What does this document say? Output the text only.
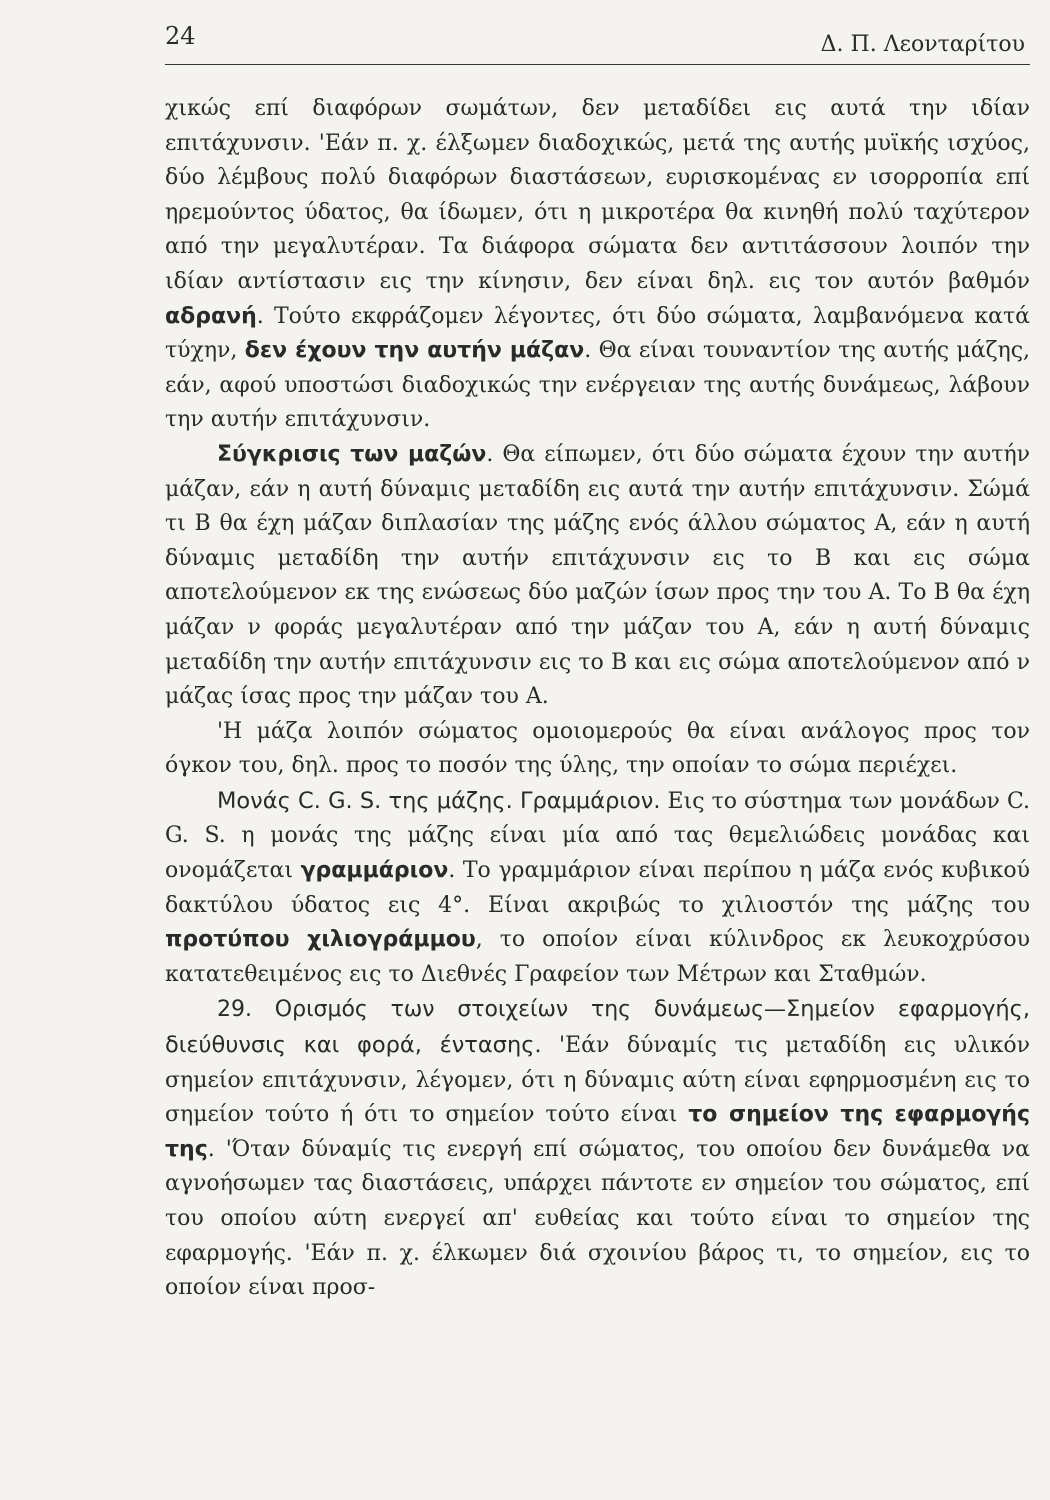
24	Δ. Π. Λεονταρίτου

χικώς επί διαφόρων σωμάτων, δεν μεταδίδει εις αυτά την ιδίαν επιτάχυνσιν. 'Εάν π. χ. έλξωμεν διαδοχικώς, μετά της αυτής μυϊκής ισχύος, δύο λέμβους πολύ διαφόρων διαστάσεων, ευρισκομένας εν ισορροπία επί ηρεμούντος ύδατος, θα ίδωμεν, ότι η μικροτέρα θα κινηθή πολύ ταχύτερον από την μεγαλυτέραν. Τα διάφορα σώματα δεν αντιτάσσουν λοιπόν την ιδίαν αντίστασιν εις την κίνησιν, δεν είναι δηλ. εις τον αυτόν βαθμόν αδρανή. Τούτο εκφράζομεν λέγοντες, ότι δύο σώματα, λαμβανόμενα κατά τύχην, δεν έχουν την αυτήν μάζαν. Θα είναι τουναντίον της αυτής μάζης, εάν, αφού υποστώσι διαδοχικώς την ενέργειαν της αυτής δυνάμεως, λάβουν την αυτήν επιτάχυνσιν.

Σύγκρισις των μαζών. Θα είπωμεν, ότι δύο σώματα έχουν την αυτήν μάζαν, εάν η αυτή δύναμις μεταδίδη εις αυτά την αυτήν επιτάχυνσιν. Σώμά τι Β θα έχη μάζαν διπλασίαν της μάζης ενός άλλου σώματος Α, εάν η αυτή δύναμις μεταδίδη την αυτήν επιτάχυνσιν εις το Β και εις σώμα αποτελούμενον εκ της ενώσεως δύο μαζών ίσων προς την του Α. Το Β θα έχη μάζαν ν φοράς μεγαλυτέραν από την μάζαν του Α, εάν η αυτή δύναμις μεταδίδη την αυτήν επιτάχυνσιν εις το Β και εις σώμα αποτελούμενον από ν μάζας ίσας προς την μάζαν του Α.

'Η μάζα λοιπόν σώματος ομοιομερούς θα είναι ανάλογος προς τον όγκον του, δηλ. προς το ποσόν της ύλης, την οποίαν το σώμα περιέχει.

Μονάς C. G. S. της μάζης. Γραμμάριον. Εις το σύστημα των μονάδων C. G. S. η μονάς της μάζης είναι μία από τας θεμελιώδεις μονάδας και ονομάζεται γραμμάριον. Το γραμμάριον είναι περίπου η μάζα ενός κυβικού δακτύλου ύδατος εις 4°. Είναι ακριβώς το χιλιοστόν της μάζης του προτύπου χιλιογράμμου, το οποίον είναι κύλινδρος εκ λευκοχρύσου κατατεθειμένος εις το Διεθνές Γραφείον των Μέτρων και Σταθμών.

29. Ορισμός των στοιχείων της δυνάμεως—Σημείον εφαρμογής, διεύθυνσις και φορά, έντασης. 'Εάν δύναμίς τις μεταδίδη εις υλικόν σημείον επιτάχυνσιν, λέγομεν, ότι η δύναμις αύτη είναι εφηρμοσμένη εις το σημείον τούτο ή ότι το σημείον τούτο είναι το σημείον της εφαρμογής της. 'Όταν δύναμίς τις ενεργή επί σώματος, του οποίου δεν δυνάμεθα να αγνοήσωμεν τας διαστάσεις, υπάρχει πάντοτε εν σημείον του σώματος, επί του οποίου αύτη ενεργεί απ' ευθείας και τούτο είναι το σημείον της εφαρμογής. 'Εάν π. χ. έλκωμεν διά σχοινίου βάρος τι, το σημείον, εις το οποίον είναι προσ-
